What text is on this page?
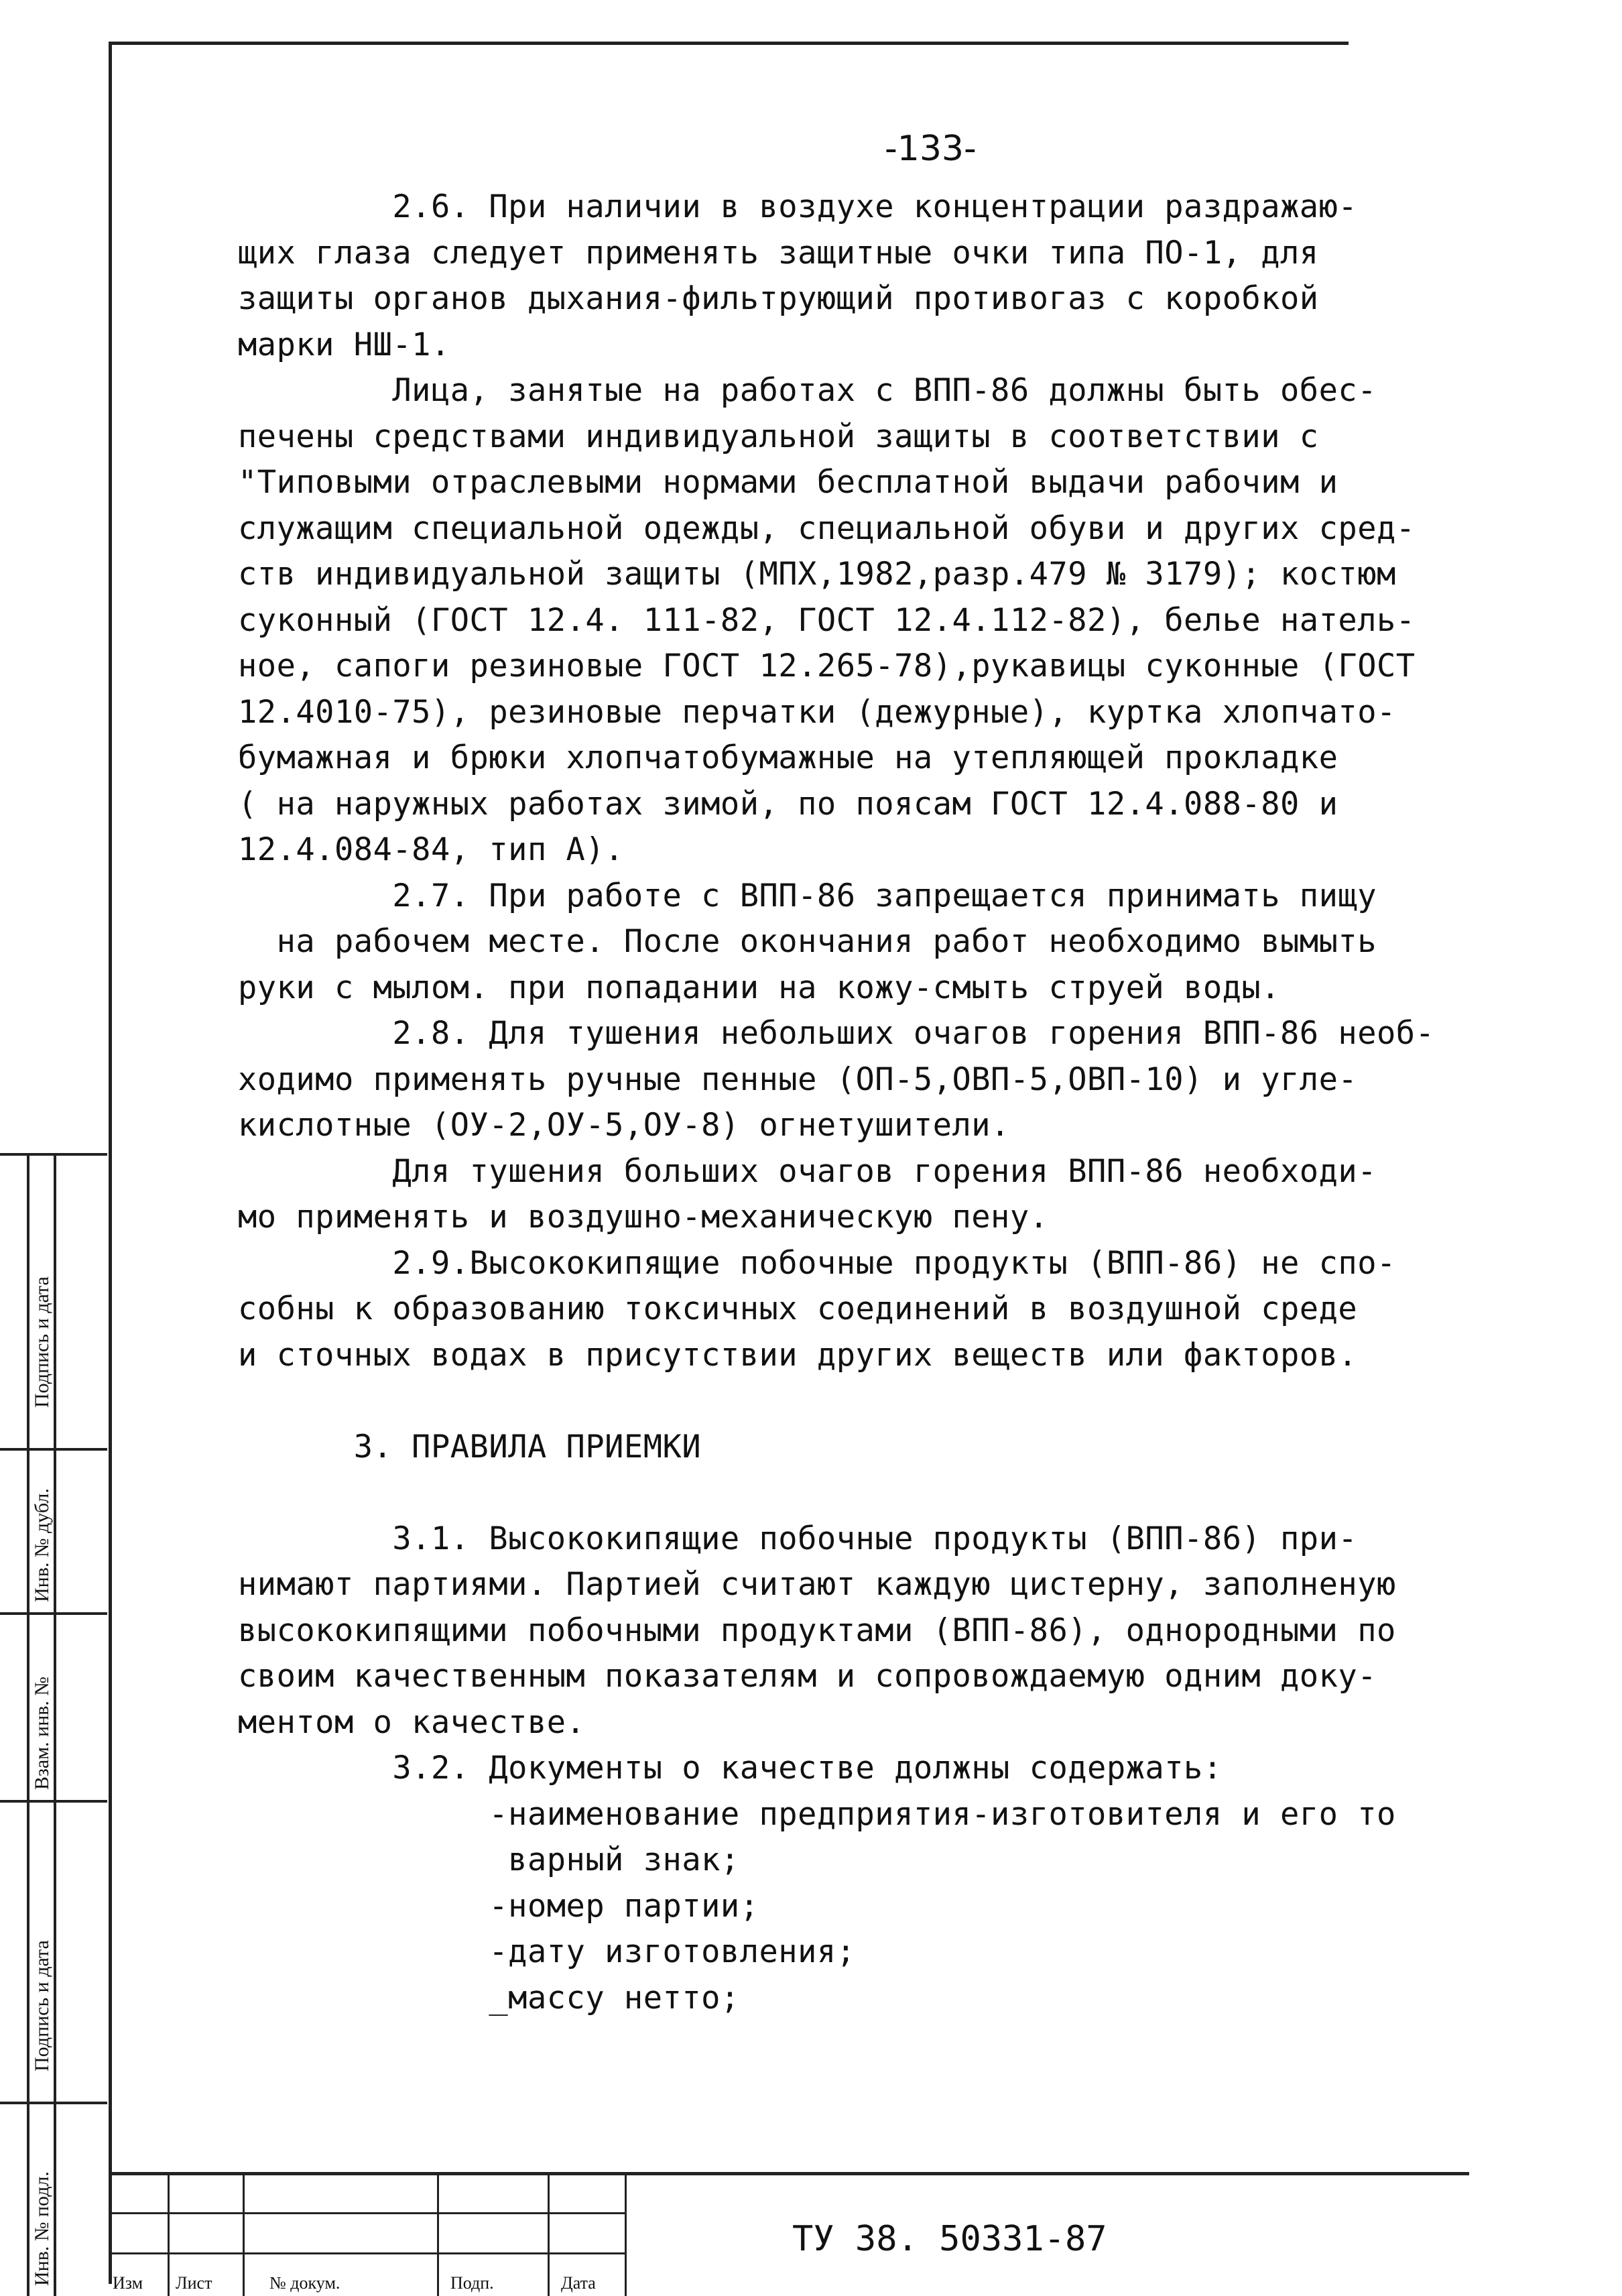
-133-
2.6. При наличии в воздухе концентрации раздражаю-
щих глаза следует применять защитные очки типа ПО-1, для
защиты органов дыхания-фильтрующий противогаз с коробкой
марки НШ-1.
Лица, занятые на работах с ВПП-86 должны быть обес-
печены средствами индивидуальной защиты в соответствии с
"Типовыми отраслевыми нормами бесплатной выдачи рабочим и
служащим специальной одежды, специальной обуви и других сред-
ств индивидуальной защиты (МПХ,1982,разр.479 № 3179); костюм
суконный (ГОСТ 12.4. 111-82, ГОСТ 12.4.112-82), белье натель-
ное, сапоги резиновые ГОСТ 12.265-78),рукавицы суконные (ГОСТ
12.4010-75), резиновые перчатки (дежурные), куртка хлопчато-
бумажная и брюки хлопчатобумажные на утепляющей прокладке
( на наружных работах зимой, по поясам ГОСТ 12.4.088-80 и
12.4.084-84, тип А).
2.7. При работе с ВПП-86 запрещается принимать пищу
на рабочем месте. После окончания работ необходимо вымыть
руки с мылом. при попадании на кожу-смыть струей воды.
2.8. Для тушения небольших очагов горения ВПП-86 необ-
ходимо применять ручные пенные (ОП-5,ОВП-5,ОВП-10) и угле-
кислотные (ОУ-2,ОУ-5,ОУ-8) огнетушители.
Для тушения больших очагов горения ВПП-86 необходи-
мо применять и воздушно-механическую пену.
2.9.Высококипящие побочные продукты (ВПП-86) не спо-
собны к образованию токсичных соединений в воздушной среде
и сточных водах в присутствии других веществ или факторов.
3. ПРАВИЛА ПРИЕМКИ
3.1. Высококипящие побочные продукты (ВПП-86) при-
нимают партиями. Партией считают каждую цистерну, заполненую
высококипящими побочными продуктами (ВПП-86), однородными по
своим качественным показателям и сопровождаемую одним доку-
ментом о качестве.
3.2. Документы о качестве должны содержать:
-наименование предприятия-изготовителя и его то
варный знак;
-номер партии;
-дату изготовления;
_массу нетто;
Подпись и дата
Инв. № дубл.
Взам. инв. №
Подпись и дата
Инв. № подл.	Изм Лист	№ докум.	Подп.	Дата
ТУ 38. 50331-87
